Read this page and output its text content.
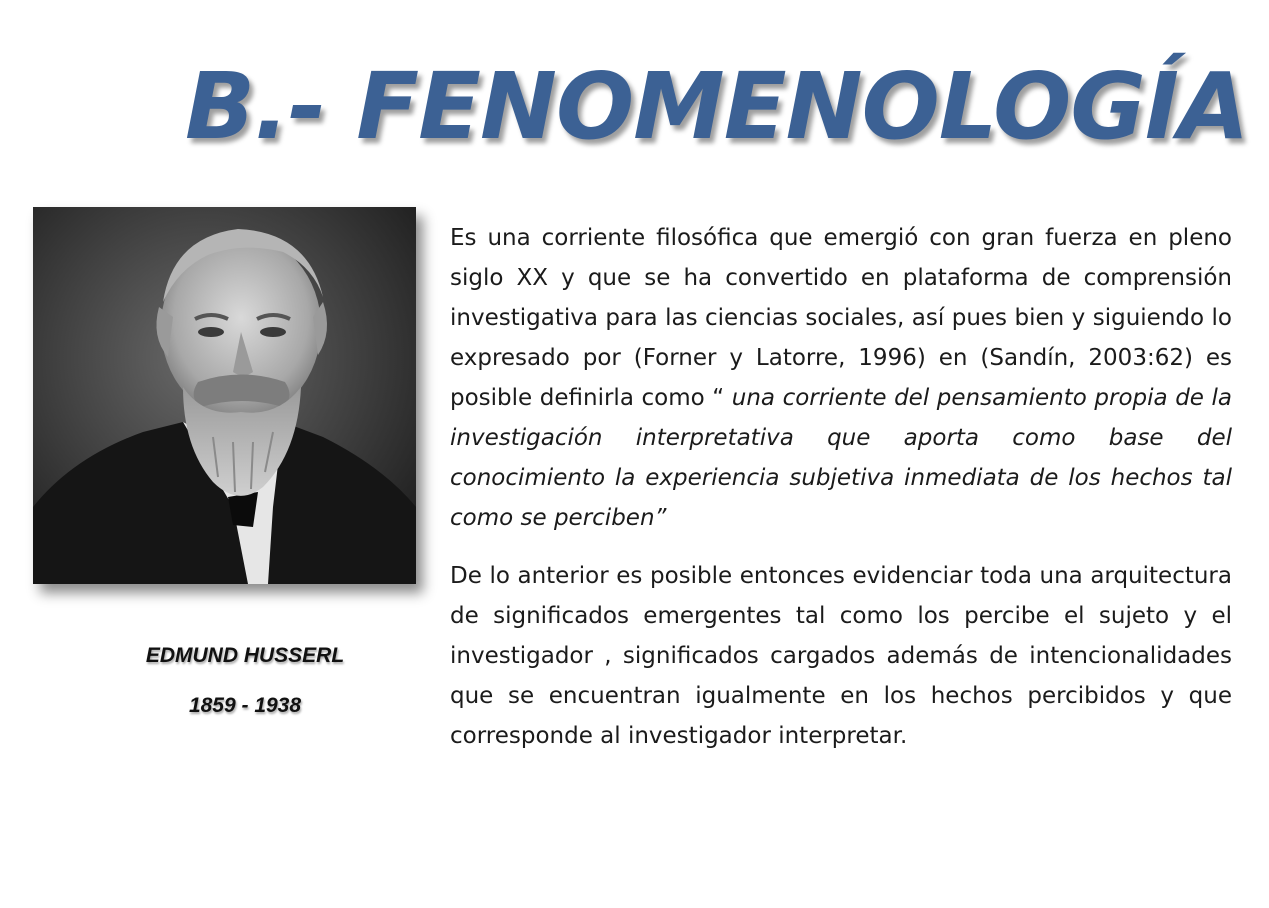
B.- FENOMENOLOGÍA

EDMUND HUSSERL

1859 - 1938

Es una corriente filosófica que emergió con gran fuerza en pleno siglo XX y que se ha convertido en plataforma de comprensión investigativa para las ciencias sociales, así pues bien y siguiendo lo expresado por (Forner y Latorre, 1996) en (Sandín, 2003:62) es posible definirla como “ una corriente del pensamiento propia de la investigación interpretativa que aporta como base del conocimiento la experiencia subjetiva inmediata de los hechos tal como se perciben”

De lo anterior es posible entonces evidenciar toda una arquitectura de significados emergentes tal como los percibe el sujeto y el investigador , significados cargados además de intencionalidades que se encuentran igualmente en los hechos percibidos y que corresponde al investigador interpretar.
